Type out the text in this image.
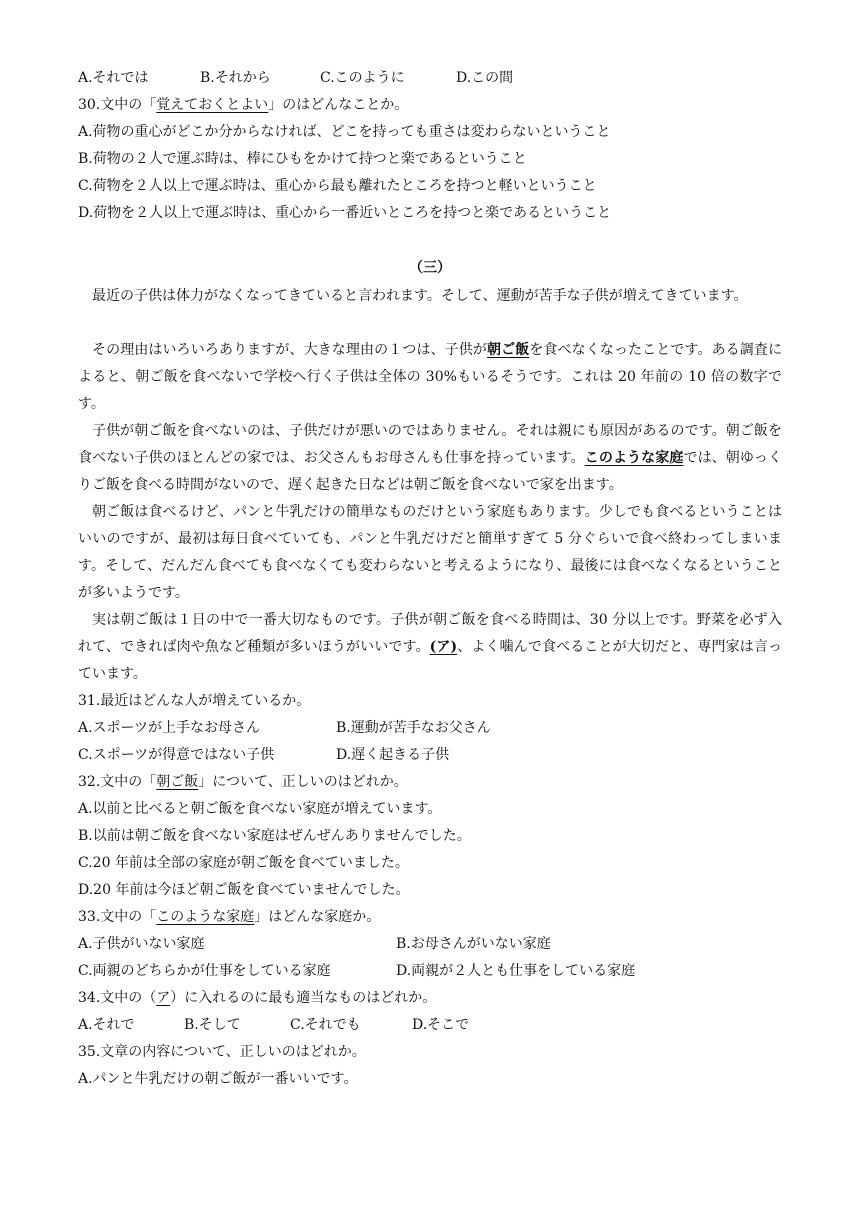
A.それでは	B.それから	C.このように	D.この間
30.文中の「覚えておくとよい」のはどんなことか。
A.荷物の重心がどこか分からなければ、どこを持っても重さは変わらないということ
B.荷物の２人で運ぶ時は、棒にひもをかけて持つと楽であるということ
C.荷物を２人以上で運ぶ時は、重心から最も離れたところを持つと軽いということ
D.荷物を２人以上で運ぶ時は、重心から一番近いところを持つと楽であるということ
（三）
最近の子供は体力がなくなってきていると言われます。そして、運動が苦手な子供が増えてきています。
その理由はいろいろありますが、大きな理由の１つは、子供が朝ご飯を食べなくなったことです。ある調査によると、朝ご飯を食べないで学校へ行く子供は全体の 30%もいるそうです。これは 20 年前の 10 倍の数字です。
子供が朝ご飯を食べないのは、子供だけが悪いのではありません。それは親にも原因があるのです。朝ご飯を食べない子供のほとんどの家では、お父さんもお母さんも仕事を持っています。このような家庭では、朝ゆっくりご飯を食べる時間がないので、遅く起きた日などは朝ご飯を食べないで家を出ます。
朝ご飯は食べるけど、パンと牛乳だけの簡単なものだけという家庭もあります。少しでも食べるということはいいのですが、最初は毎日食べていても、パンと牛乳だけだと簡単すぎて 5 分ぐらいで食べ終わってしまいます。そして、だんだん食べても食べなくても変わらないと考えるようになり、最後には食べなくなるということが多いようです。
実は朝ご飯は１日の中で一番大切なものです。子供が朝ご飯を食べる時間は、30 分以上です。野菜を必ず入れて、できれば肉や魚など種類が多いほうがいいです。(ア)、よく噛んで食べることが大切だと、専門家は言っています。
31.最近はどんな人が増えているか。
A.スポーツが上手なお母さん	B.運動が苦手なお父さん
C.スポーツが得意ではない子供	D.遅く起きる子供
32.文中の「朝ご飯」について、正しいのはどれか。
A.以前と比べると朝ご飯を食べない家庭が増えています。
B.以前は朝ご飯を食べない家庭はぜんぜんありませんでした。
C.20 年前は全部の家庭が朝ご飯を食べていました。
D.20 年前は今ほど朝ご飯を食べていませんでした。
33.文中の「このような家庭」はどんな家庭か。
A.子供がいない家庭	B.お母さんがいない家庭
C.両親のどちらかが仕事をしている家庭	D.両親が２人とも仕事をしている家庭
34.文中の（ア）に入れるのに最も適当なものはどれか。
A.それで	B.そして	C.それでも	D.そこで
35.文章の内容について、正しいのはどれか。
A.パンと牛乳だけの朝ご飯が一番いいです。
